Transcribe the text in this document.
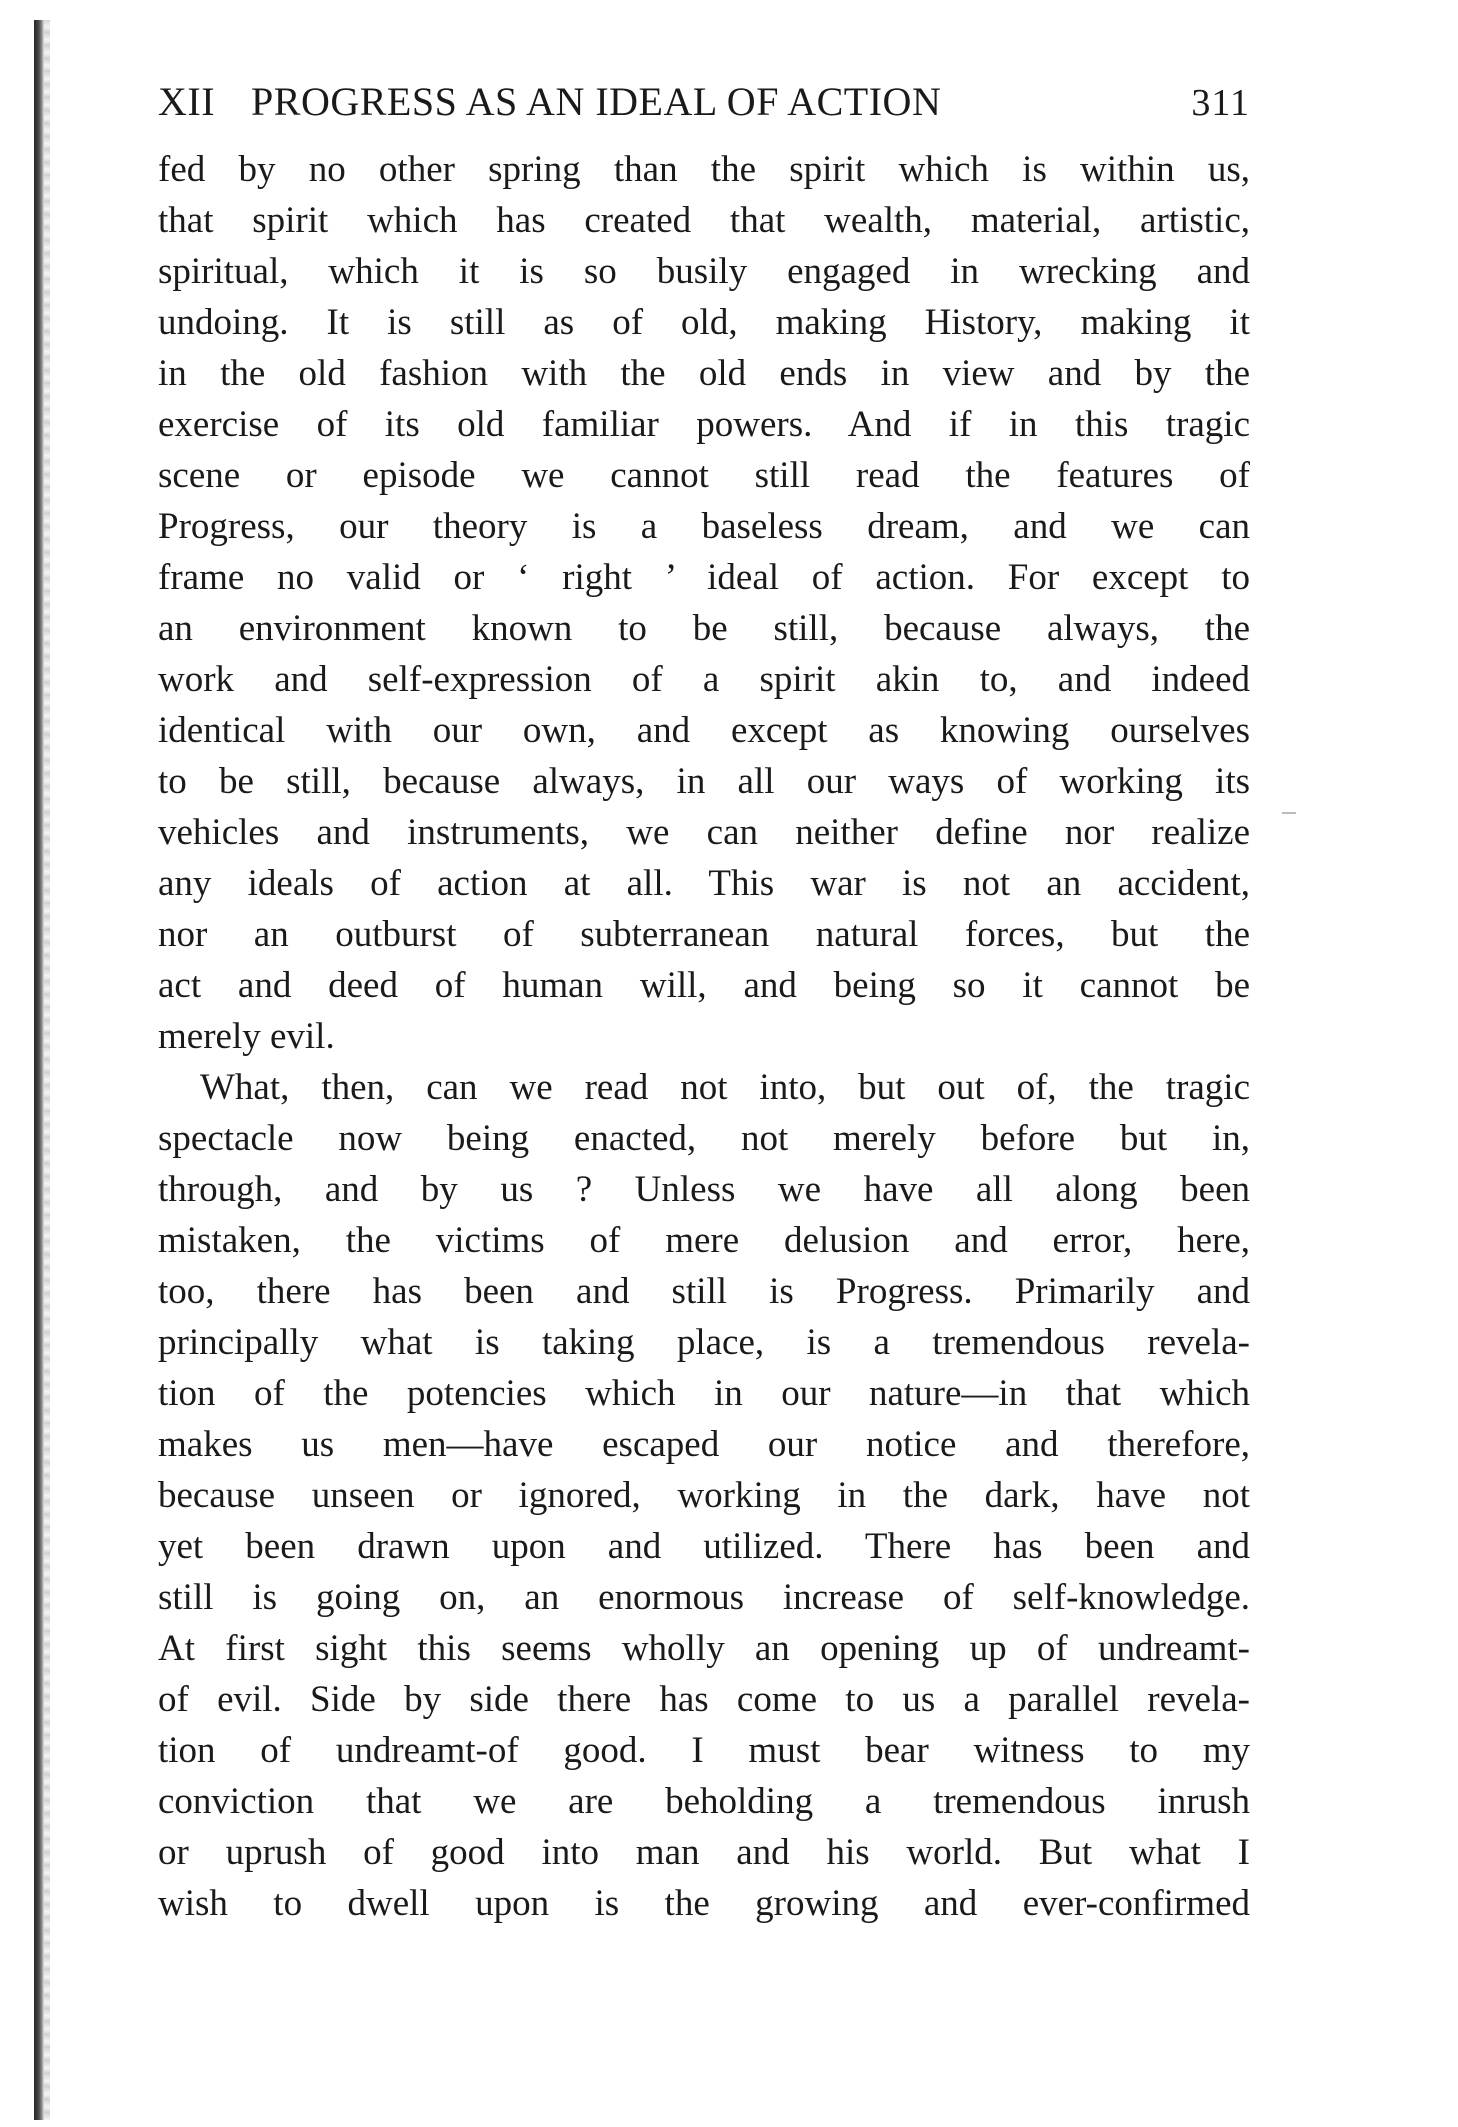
XII PROGRESS AS AN IDEAL OF ACTION	311
fed by no other spring than the spirit which is within us,
that spirit which has created that wealth, material, artistic,
spiritual, which it is so busily engaged in wrecking and
undoing. It is still as of old, making History, making it
in the old fashion with the old ends in view and by the
exercise of its old familiar powers. And if in this tragic
scene or episode we cannot still read the features of
Progress, our theory is a baseless dream, and we can
frame no valid or ‘ right ’ ideal of action. For except to
an environment known to be still, because always, the
work and self-expression of a spirit akin to, and indeed
identical with our own, and except as knowing ourselves
to be still, because always, in all our ways of working its
vehicles and instruments, we can neither define nor realize
any ideals of action at all. This war is not an accident,
nor an outburst of subterranean natural forces, but the
act and deed of human will, and being so it cannot be
merely evil.
What, then, can we read not into, but out of, the tragic
spectacle now being enacted, not merely before but in,
through, and by us ? Unless we have all along been
mistaken, the victims of mere delusion and error, here,
too, there has been and still is Progress. Primarily and
principally what is taking place, is a tremendous revela-
tion of the potencies which in our nature—in that which
makes us men—have escaped our notice and therefore,
because unseen or ignored, working in the dark, have not
yet been drawn upon and utilized. There has been and
still is going on, an enormous increase of self-knowledge.
At first sight this seems wholly an opening up of undreamt-
of evil. Side by side there has come to us a parallel revela-
tion of undreamt-of good. I must bear witness to my
conviction that we are beholding a tremendous inrush
or uprush of good into man and his world. But what I
wish to dwell upon is the growing and ever-confirmed
